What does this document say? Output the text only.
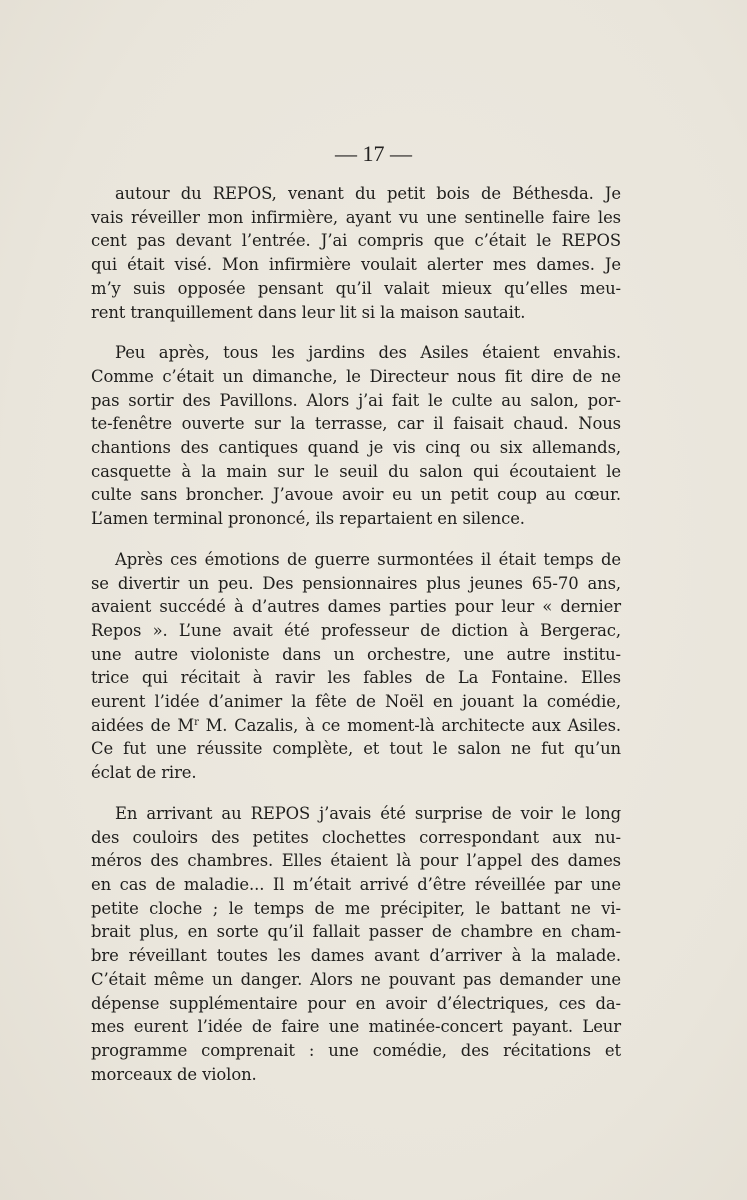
— 17 —
autour du REPOS, venant du petit bois de Béthesda. Je
vais réveiller mon infirmière, ayant vu une sentinelle faire les
cent pas devant l’entrée. J’ai compris que c’était le REPOS
qui était visé. Mon infirmière voulait alerter mes dames. Je
m’y suis opposée pensant qu’il valait mieux qu’elles meu-
rent tranquillement dans leur lit si la maison sautait.
Peu après, tous les jardins des Asiles étaient envahis.
Comme c’était un dimanche, le Directeur nous fit dire de ne
pas sortir des Pavillons. Alors j’ai fait le culte au salon, por-
te-fenêtre ouverte sur la terrasse, car il faisait chaud. Nous
chantions des cantiques quand je vis cinq ou six allemands,
casquette à la main sur le seuil du salon qui écoutaient le
culte sans broncher. J’avoue avoir eu un petit coup au cœur.
L’amen terminal prononcé, ils repartaient en silence.
Après ces émotions de guerre surmontées il était temps de
se divertir un peu. Des pensionnaires plus jeunes 65-70 ans,
avaient succédé à d’autres dames parties pour leur « dernier
Repos ». L’une avait été professeur de diction à Bergerac,
une autre violoniste dans un orchestre, une autre institu-
trice qui récitait à ravir les fables de La Fontaine. Elles
eurent l’idée d’animer la fête de Noël en jouant la comédie,
aidées de $M^r$ M. Cazalis, à ce moment-là architecte aux Asiles.
Ce fut une réussite complète, et tout le salon ne fut qu’un
éclat de rire.
En arrivant au REPOS j’avais été surprise de voir le long
des couloirs des petites clochettes correspondant aux nu-
méros des chambres. Elles étaient là pour l’appel des dames
en cas de maladie... Il m’était arrivé d’être réveillée par une
petite cloche ; le temps de me précipiter, le battant ne vi-
brait plus, en sorte qu’il fallait passer de chambre en cham-
bre réveillant toutes les dames avant d’arriver à la malade.
C’était même un danger. Alors ne pouvant pas demander une
dépense supplémentaire pour en avoir d’électriques, ces da-
mes eurent l’idée de faire une matinée-concert payant. Leur
programme comprenait : une comédie, des récitations et
morceaux de violon.
